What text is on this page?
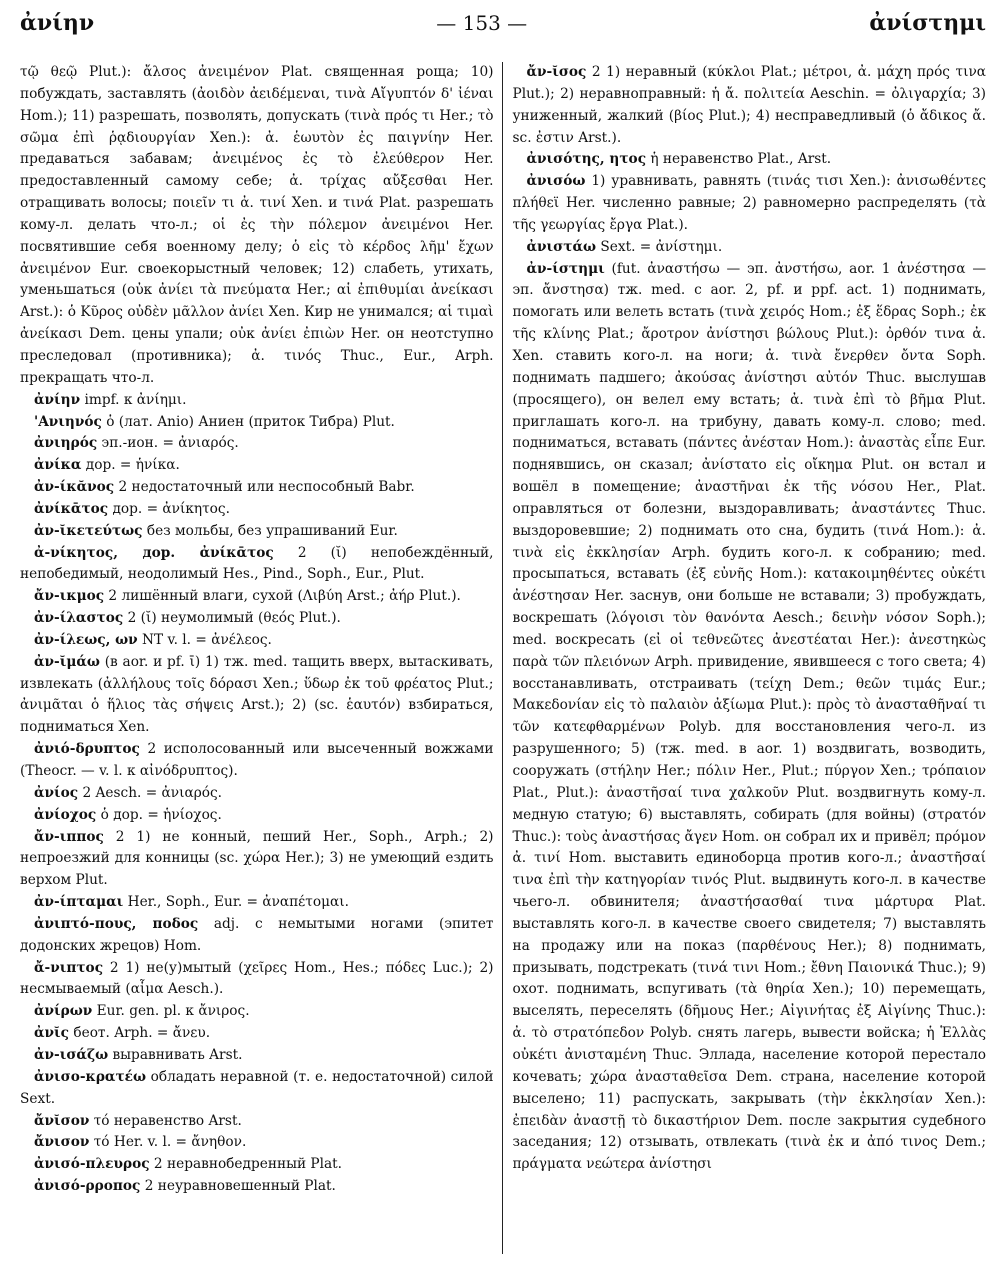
ἀνίην	— 153 —	ἀνίστημι

τῷ θεῷ Plut.): ἄλσος ἀνειμένον Plat. священная роща; 10) побуждать, заставлять (ἀοιδὸν ἀειδέμεναι, τινὰ Αἴγυπτόν δ' ἰέναι Hom.); 11) разрешать, позволять, допускать (τινὰ πρός τι Her.; τὸ σῶμα ἐπὶ ῥᾳδιουργίαν Xen.): ἀ. ἑωυτὸν ἐς παιγνίην Her. предаваться забавам; ἀνειμένος ἐς τὸ ἐλεύθερον Her. предоставленный самому себе; ἀ. τρίχας αὔξεσθαι Her. отращивать волосы; ποιεῖν τι ἀ. τινί Xen. и τινά Plat. разрешать кому-л. делать что-л.; οἱ ἐς τὴν πόλεμον ἀνειμένοι Her. посвятившие себя военному делу; ὁ εἰς τὸ κέρδος λῆμ' ἔχων ἀνειμένον Eur. своекорыстный человек; 12) слабеть, утихать, уменьшаться (οὐκ ἀνίει τὰ πνεύματα Her.; αἱ ἐπιθυμίαι ἀνείκασι Arst.): ὁ Κῦρος οὐδὲν μᾶλλον ἀνίει Xen. Кир не унимался; αἱ τιμαὶ ἀνείκασι Dem. цены упали; οὐκ ἀνίει ἐπιὼν Her. он неотступно преследовал (противника); ἀ. τινός Thuc., Eur., Arph. прекращать что-л.

ἀνίην impf. к ἀνίημι.

'Ανιηνός ὁ (лат. Anio) Аниен (приток Тибра) Plut.

ἀνιηρός эп.-ион. = ἀνιαρός.

ἀνίκα дор. = ἡνίκα.

ἀν-ίκᾰνος 2 недостаточный или неспособный Babr.

ἀνίκᾱτος дор. = ἀνίκητος.

ἀν-ῐκετεύτως без мольбы, без упрашиваний Eur.

ἀ-νίκητος, дор. ἀνίκᾱτος 2 (ῐ) непобеждённый, непобедимый, неодолимый Hes., Pind., Soph., Eur., Plut.

ἄν-ικμος 2 лишённый влаги, сухой (Λιβύη Arst.; ἀήρ Plut.).

ἀν-ίλαστος 2 (ῐ) неумолимый (θεός Plut.).

ἀν-ίλεως, ων NT v. l. = ἀνέλεος.

ἀν-ῐμάω (в aor. и pf. ῑ) 1) тж. med. тащить вверх, вытаскивать, извлекать (ἀλλήλους τοῖς δόρασι Xen.; ὕδωρ ἐκ τοῦ φρέατος Plut.; ἀνιμᾶται ὁ ἥλιος τὰς σήψεις Arst.); 2) (sc. ἑαυτόν) взбираться, подниматься Xen.

ἀνιό-δρυπτος 2 исполосованный или высеченный вожжами (Theocr. — v. l. к αἰνόδρυπτος).

ἀνίος 2 Aesch. = ἀνιαρός.

ἀνίοχος ὁ дор. = ἡνίοχος.

ἄν-ιππος 2 1) не конный, пеший Her., Soph., Arph.; 2) непроезжий для конницы (sc. χώρα Her.); 3) не умеющий ездить верхом Plut.

ἀν-ίπταμαι Her., Soph., Eur. = ἀναπέτομαι.

ἀνιπτό-πους, ποδος adj. с немытыми ногами (эпитет додонских жрецов) Hom.

ἄ-νιπτος 2 1) не(у)мытый (χεῖρες Hom., Hes.; πόδες Luc.); 2) несмываемый (αἷμα Aesch.).

ἀνίρων Eur. gen. pl. к ἄνιρος.

ἀνῐς беот. Arph. = ἄνευ.

ἀν-ισάζω выравнивать Arst.

ἀνισο-κρατέω обладать неравной (т. е. недостаточной) силой Sext.

ἄνῐσον τό неравенство Arst.

ἄνισον τό Her. v. l. = ἄνηθον.

ἀνισό-πλευρος 2 неравнобедренный Plat.

ἀνισό-ρροπος 2 неуравновешенный Plat.

ἄν-ῐσος 2 1) неравный (κύκλοι Plat.; μέτροι, ἀ. μάχη πρός τινα Plut.); 2) неравноправный: ἡ ἄ. πολιτεία Aeschin. = ὀλιγαρχία; 3) униженный, жалкий (βίος Plut.); 4) несправедливый (ὁ ἄδικος ἄ. sc. ἐστιν Arst.).

ἀνισότης, ητος ἡ неравенство Plat., Arst.

ἀνισόω 1) уравнивать, равнять (τινάς τισι Xen.): ἀνισωθέντες πλήθεϊ Her. численно равные; 2) равномерно распределять (τὰ τῆς γεωργίας ἔργα Plat.).

ἀνιστάω Sext. = ἀνίστημι.

ἀν-ίστημι (fut. ἀναστήσω — эп. ἀνστήσω, aor. 1 ἀνέστησα — эп. ἄνστησα) тж. med. с aor. 2, pf. и ppf. act. 1) поднимать, помогать или велеть встать (τινὰ χειρός Hom.; ἐξ ἕδρας Soph.; ἐκ τῆς κλίνης Plat.; ἄροτρον ἀνίστησι βώλους Plut.): ὀρθόν τινα ἀ. Xen. ставить кого-л. на ноги; ἀ. τινὰ ἔνερθεν ὄντα Soph. поднимать падшего; ἀκούσας ἀνίστησι αὐτόν Thuc. выслушав (просящего), он велел ему встать; ἀ. τινὰ ἐπὶ τὸ βῆμα Plut. приглашать кого-л. на трибуну, давать кому-л. слово; med. подниматься, вставать (πάντες ἀνέσταν Hom.): ἀναστὰς εἶπε Eur. поднявшись, он сказал; ἀνίστατο εἰς οἴκημα Plut. он встал и вошёл в помещение; ἀναστῆναι ἐκ τῆς νόσου Her., Plat. оправляться от болезни, выздоравливать; ἀναστάντες Thuc. выздоровевшие; 2) поднимать ото сна, будить (τινά Hom.): ἀ. τινὰ εἰς ἐκκλησίαν Arph. будить кого-л. к собранию; med. просыпаться, вставать (ἐξ εὐνῆς Hom.): κατακοιμηθέντες οὐκέτι ἀνέστησαν Her. заснув, они больше не вставали; 3) пробуждать, воскрешать (λόγοισι τὸν θανόντα Aesch.; δεινὴν νόσον Soph.); med. воскресать (εἰ οἱ τεθνεῶτες ἀνεστέαται Her.): ἀνεστηκὼς παρὰ τῶν πλειόνων Arph. привидение, явившееся с того света; 4) восстанавливать, отстраивать (τείχη Dem.; θεῶν τιμάς Eur.; Μακεδονίαν εἰς τὸ παλαιὸν ἀξίωμα Plut.): πρὸς τὸ ἀνασταθῆναί τι τῶν κατεφθαρμένων Polyb. для восстановления чего-л. из разрушенного; 5) (тж. med. в aor. 1) воздвигать, возводить, сооружать (στήλην Her.; πόλιν Her., Plut.; πύργον Xen.; τρόπαιον Plat., Plut.): ἀναστῆσαί τινα χαλκοῦν Plut. воздвигнуть кому-л. медную статую; 6) выставлять, собирать (для войны) (στρατόν Thuc.): τοὺς ἀναστήσας ἄγεν Hom. он собрал их и привёл; πρόμον ἀ. τινί Hom. выставить единоборца против кого-л.; ἀναστῆσαί τινα ἐπὶ τὴν κατηγορίαν τινός Plut. выдвинуть кого-л. в качестве чьего-л. обвинителя; ἀναστήσασθαί τινα μάρτυρα Plat. выставлять кого-л. в качестве своего свидетеля; 7) выставлять на продажу или на показ (παρθένους Her.); 8) поднимать, призывать, подстрекать (τινά τινι Hom.; ἔθνη Παιονικά Thuc.); 9) охот. поднимать, вспугивать (τὰ θηρία Xen.); 10) перемещать, выселять, переселять (δῆμους Her.; Αἰγινήτας ἐξ Αἰγίνης Thuc.): ἀ. τὸ στρατόπεδον Polyb. снять лагерь, вывести войска; ἡ Ἑλλὰς οὐκέτι ἀνισταμένη Thuc. Эллада, население которой перестало кочевать; χώρα ἀνασταθεῖσα Dem. страна, население которой выселено; 11) распускать, закрывать (τὴν ἐκκλησίαν Xen.): ἐπειδὰν ἀναστῇ τὸ δικαστήριον Dem. после закрытия судебного заседания; 12) отзывать, отвлекать (τινὰ ἐκ и ἀπό τινος Dem.; πράγματα νεώτερα ἀνίστησι
